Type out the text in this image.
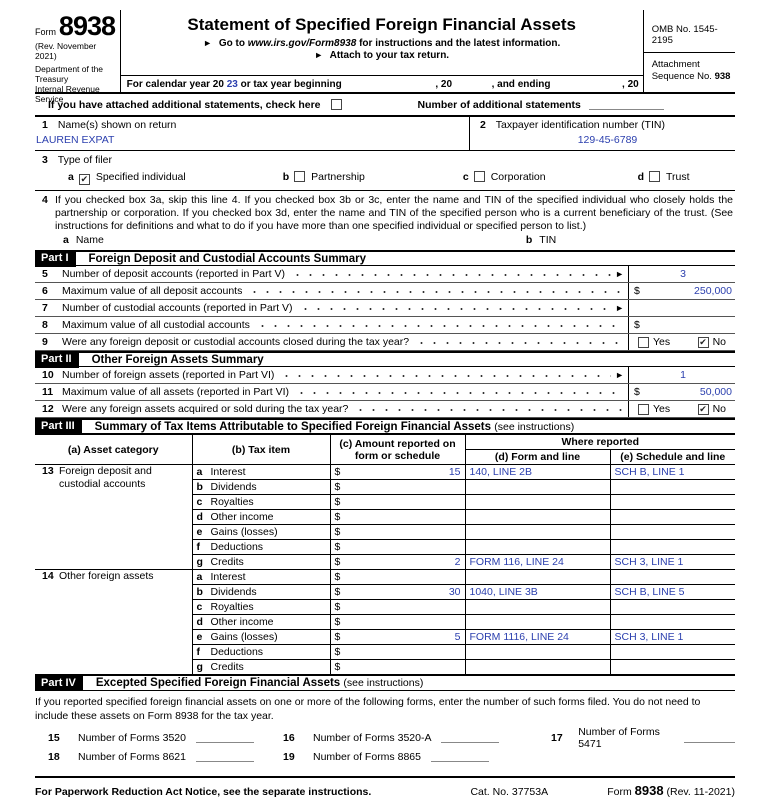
Form 8938
(Rev. November 2021)
Department of the Treasury
Internal Revenue Service
Statement of Specified Foreign Financial Assets
► Go to www.irs.gov/Form8938 for instructions and the latest information.
► Attach to your tax return.
For calendar year 20 23 or tax year beginning	, 20	, and ending	, 20
OMB No. 1545-2195
Attachment
Sequence No. 938
If you have attached additional statements, check here	Number of additional statements
1 Name(s) shown on return
LAUREN EXPAT
2 Taxpayer identification number (TIN)
129-45-6789
3 Type of filer
a ✔ Specified individual	b Partnership	c Corporation	d Trust
4 If you checked box 3a, skip this line 4. If you checked box 3b or 3c, enter the name and TIN of the specified individual who closely holds the partnership or corporation. If you checked box 3d, enter the name and TIN of the specified person who is a current beneficiary of the trust. (See instructions for definitions and what to do if you have more than one specified individual or specified person to list.)
a Name	b TIN
Part I	Foreign Deposit and Custodial Accounts Summary
5	Number of deposit accounts (reported in Part V)	►	3
6	Maximum value of all deposit accounts	$	250,000
7	Number of custodial accounts (reported in Part V)	►
8	Maximum value of all custodial accounts	$
9	Were any foreign deposit or custodial accounts closed during the tax year?	Yes	✔ No
Part II	Other Foreign Assets Summary
10 Number of foreign assets (reported in Part VI)	►	1
11 Maximum value of all assets (reported in Part VI)	$	50,000
12 Were any foreign assets acquired or sold during the tax year?	Yes	✔ No
Part III	Summary of Tax Items Attributable to Specified Foreign Financial Assets (see instructions)
(a) Asset category	(b) Tax item	(c) Amount reported on
form or schedule	Where reported	
			(d) Form and line	(e) Schedule and line

13 Foreign deposit and custodial accounts	a Interest	$ 15	140, LINE 2B	SCH B, LINE 1
	b Dividends	$		

	c Royalties	$		

	d Other income	$		

	e Gains (losses)	$		

	f Deductions	$		

	g Credits	$ 2	FORM 116, LINE 24	SCH 3, LINE 1

14 Other foreign assets	a Interest	$		

	b Dividends	$ 30	1040, LINE 3B	SCH B, LINE 5
	c Royalties	$		

	d Other income	$		

	e Gains (losses)	$ 5	FORM 1116, LINE 24	SCH 3, LINE 1
	f Deductions	$		

	g Credits	$		

Part IV	Excepted Specified Foreign Financial Assets (see instructions)
If you reported specified foreign financial assets on one or more of the following forms, enter the number of such forms filed. You do not need to include these assets on Form 8938 for the tax year.
15	Number of Forms 3520	16	Number of Forms 3520-A	17	Number of Forms 5471
18	Number of Forms 8621	19	Number of Forms 8865
For Paperwork Reduction Act Notice, see the separate instructions.	Cat. No. 37753A	Form 8938 (Rev. 11-2021)
